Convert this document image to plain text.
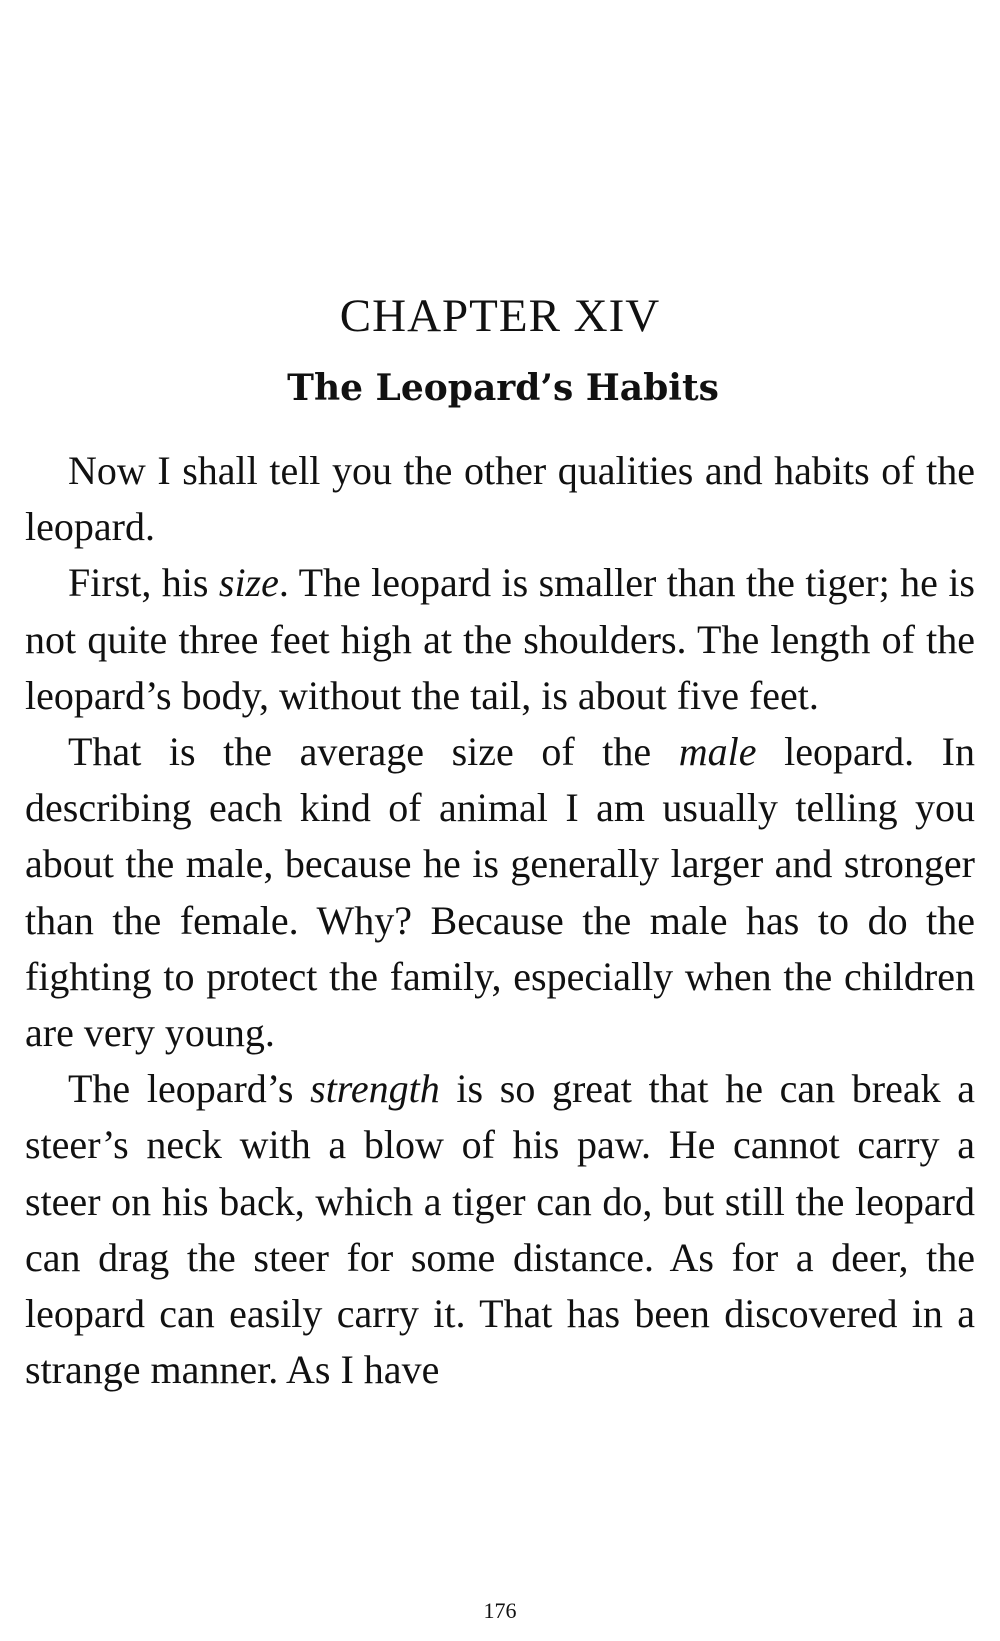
CHAPTER XIV
The Leopard’s Habits

Now I shall tell you the other qualities and habits of the leopard.

First, his size. The leopard is smaller than the tiger; he is not quite three feet high at the shoulders. The length of the leopard’s body, without the tail, is about five feet.

That is the average size of the male leopard. In describing each kind of animal I am usually telling you about the male, because he is generally larger and stronger than the female. Why? Because the male has to do the fighting to protect the family, especially when the children are very young.

The leopard’s strength is so great that he can break a steer’s neck with a blow of his paw. He cannot carry a steer on his back, which a tiger can do, but still the leopard can drag the steer for some distance. As for a deer, the leopard can easily carry it. That has been discovered in a strange manner. As I have

176
